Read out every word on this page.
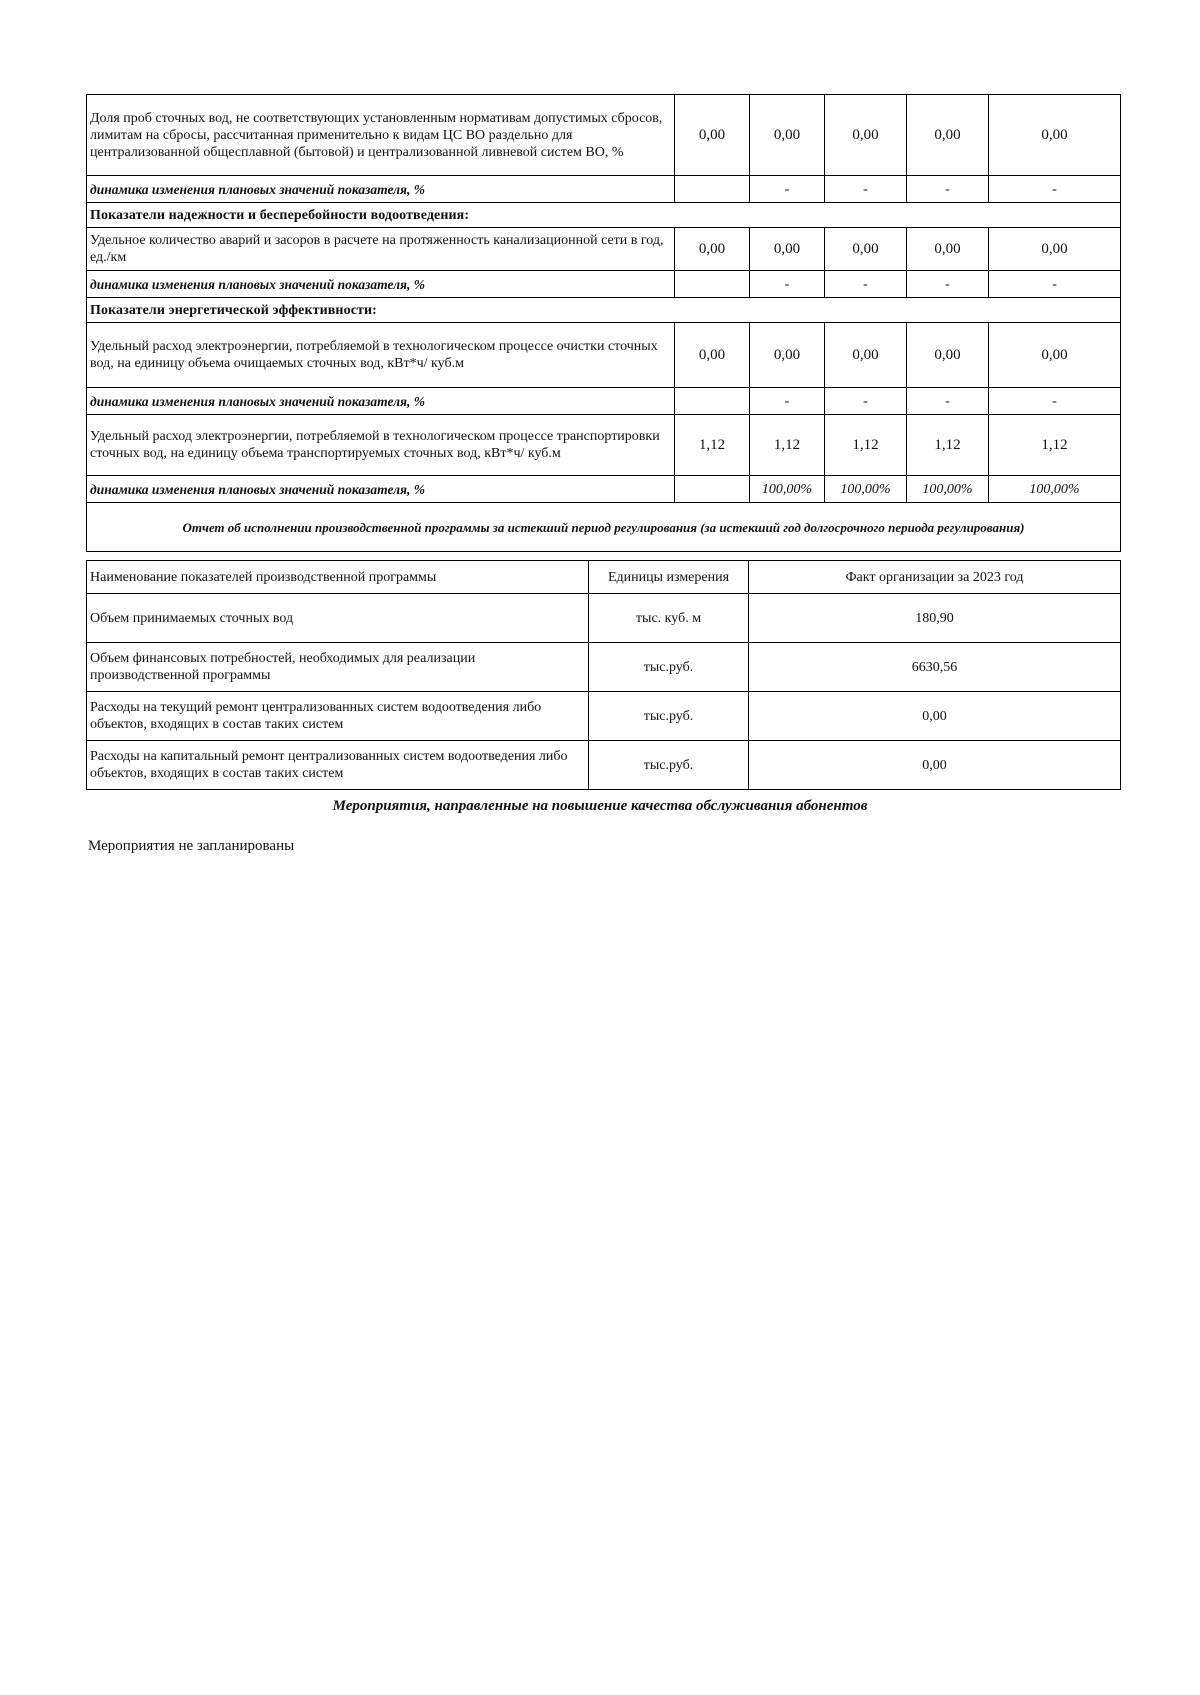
Доля проб сточных вод, не соответствующих установленным нормативам допустимых сбросов, лимитам на сбросы, рассчитанная применительно к видам ЦС ВО раздельно для централизованной общесплавной (бытовой) и централизованной ливневой систем ВО, %	0,00	0,00	0,00	0,00	0,00
динамика изменения плановых значений показателя, %		-	-	-	-
Показатели надежности и бесперебойности водоотведения:					
Удельное количество аварий и засоров в расчете на протяженность канализационной сети в год, ед./км	0,00	0,00	0,00	0,00	0,00
динамика изменения плановых значений показателя, %		-	-	-	-
Показатели энергетической эффективности:					
Удельный расход электроэнергии, потребляемой в технологическом процессе очистки сточных вод, на единицу объема очищаемых сточных вод, кВт*ч/ куб.м	0,00	0,00	0,00	0,00	0,00
динамика изменения плановых значений показателя, %		-	-	-	-
Удельный расход электроэнергии, потребляемой в технологическом процессе транспортировки сточных вод, на единицу объема транспортируемых сточных вод, кВт*ч/ куб.м	1,12	1,12	1,12	1,12	1,12
динамика изменения плановых значений показателя, %		100,00%	100,00%	100,00%	100,00%
Отчет об исполнении производственной программы за истекший период регулирования (за истекший год долгосрочного периода регулирования)					
Наименование показателей производственной программы	Единицы измерения	Факт организации за 2023 год
Объем принимаемых сточных вод	тыс. куб. м	180,90
Объем финансовых потребностей, необходимых для реализации производственной программы	тыс.руб.	6630,56
Расходы на текущий ремонт централизованных систем водоотведения либо объектов, входящих в состав таких систем	тыс.руб.	0,00
Расходы на капитальный ремонт централизованных систем водоотведения либо объектов, входящих в состав таких систем	тыс.руб.	0,00
Мероприятия, направленные на повышение качества обслуживания абонентов
Мероприятия не запланированы
